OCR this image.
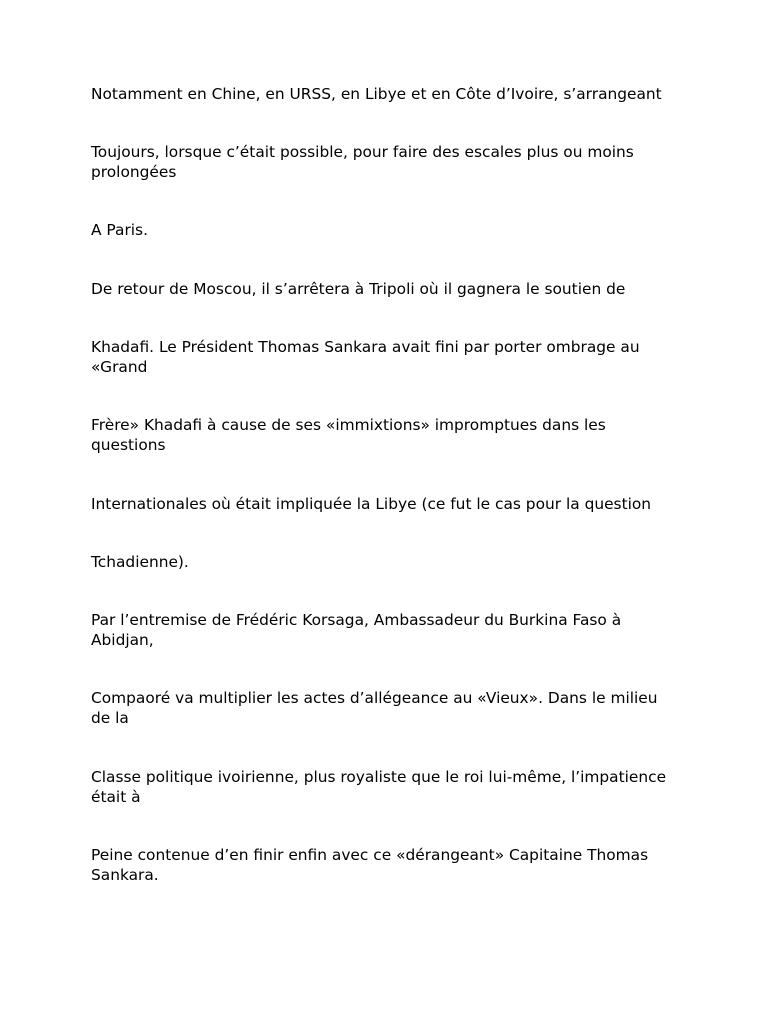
Notamment en Chine, en URSS, en Libye et en Côte d’Ivoire, s’arrangeant

Toujours, lorsque c’était possible, pour faire des escales plus ou moins prolongées

A Paris.

De retour de Moscou, il s’arrêtera à Tripoli où il gagnera le soutien de

Khadafi. Le Président Thomas Sankara avait fini par porter ombrage au «Grand

Frère» Khadafi à cause de ses «immixtions» impromptues dans les questions

Internationales où était impliquée la Libye (ce fut le cas pour la question

Tchadienne).

Par l’entremise de Frédéric Korsaga, Ambassadeur du Burkina Faso à Abidjan,

Compaoré va multiplier les actes d’allégeance au «Vieux». Dans le milieu de la

Classe politique ivoirienne, plus royaliste que le roi lui-même, l’impatience était à

Peine contenue d’en finir enfin avec ce «dérangeant» Capitaine Thomas Sankara.
